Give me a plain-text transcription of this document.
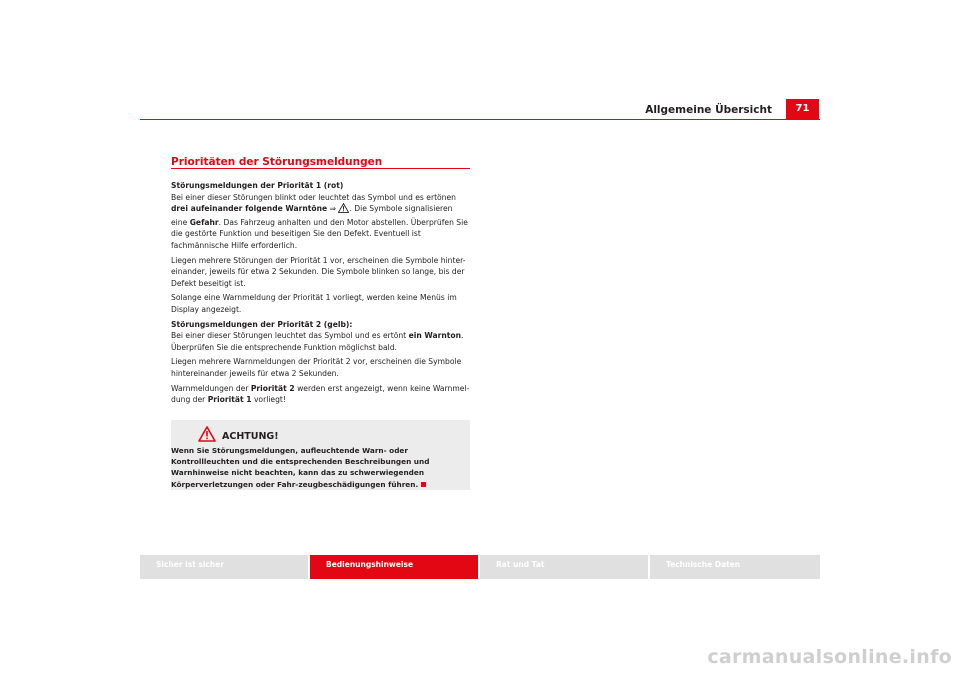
Allgemeine Übersicht	71
Prioritäten der Störungsmeldungen

Störungsmeldungen der Priorität 1 (rot)
Bei einer dieser Störungen blinkt oder leuchtet das Symbol und es ertönen drei aufeinander folgende Warntöne ⇒ . Die Symbole signalisieren eine Gefahr. Das Fahrzeug anhalten und den Motor abstellen. Überprüfen Sie die gestörte Funktion und beseitigen Sie den Defekt. Eventuell ist fachmännische Hilfe erforderlich.

Liegen mehrere Störungen der Priorität 1 vor, erscheinen die Symbole hinter-einander, jeweils für etwa 2 Sekunden. Die Symbole blinken so lange, bis der Defekt beseitigt ist.

Solange eine Warnmeldung der Priorität 1 vorliegt, werden keine Menüs im Display angezeigt.

Störungsmeldungen der Priorität 2 (gelb):
Bei einer dieser Störungen leuchtet das Symbol und es ertönt ein Warnton. Überprüfen Sie die entsprechende Funktion möglichst bald.

Liegen mehrere Warnmeldungen der Priorität 2 vor, erscheinen die Symbole hintereinander jeweils für etwa 2 Sekunden.

Warnmeldungen der Priorität 2 werden erst angezeigt, wenn keine Warnmel-dung der Priorität 1 vorliegt!

ACHTUNG!
Wenn Sie Störungsmeldungen, aufleuchtende Warn- oder Kontrollleuchten und die entsprechenden Beschreibungen und Warnhinweise nicht beachten, kann das zu schwerwiegenden Körperverletzungen oder Fahr-zeugbeschädigungen führen.
Sicher ist sicher	Bedienungshinweise	Rat und Tat	Technische Daten
carmanualsonline.info
